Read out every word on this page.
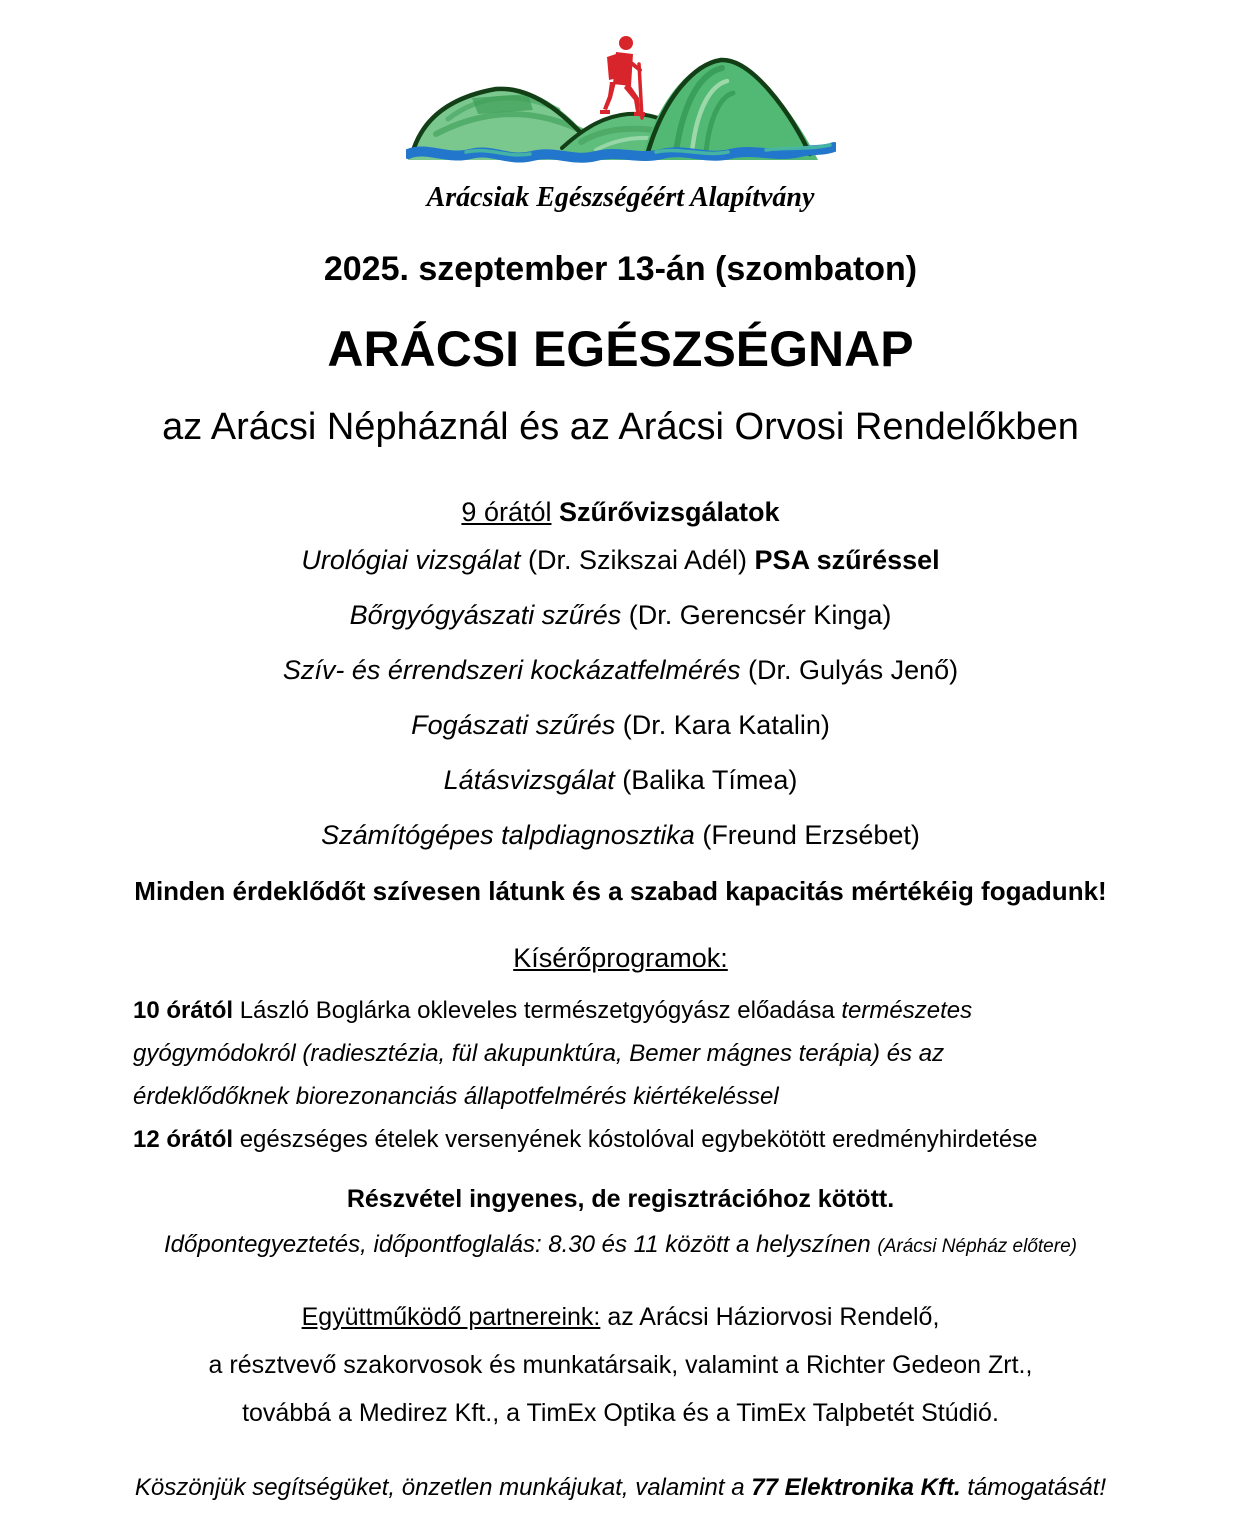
Arácsiak Egészségéért Alapítvány
2025. szeptember 13-án (szombaton)
ARÁCSI EGÉSZSÉGNAP
az Arácsi Népháznál és az Arácsi Orvosi Rendelőkben
9 órától Szűrővizsgálatok
Urológiai vizsgálat (Dr. Szikszai Adél) PSA szűréssel
Bőrgyógyászati szűrés (Dr. Gerencsér Kinga)
Szív- és érrendszeri kockázatfelmérés (Dr. Gulyás Jenő)
Fogászati szűrés (Dr. Kara Katalin)
Látásvizsgálat (Balika Tímea)
Számítógépes talpdiagnosztika (Freund Erzsébet)
Minden érdeklődőt szívesen látunk és a szabad kapacitás mértékéig fogadunk!
Kísérőprogramok:
10 órától László Boglárka okleveles természetgyógyász előadása természetes
gyógymódokról (radiesztézia, fül akupunktúra, Bemer mágnes terápia) és az
érdeklődőknek biorezonanciás állapotfelmérés kiértékeléssel
12 órától egészséges ételek versenyének kóstolóval egybekötött eredményhirdetése
Részvétel ingyenes, de regisztrációhoz kötött.
Időpontegyeztetés, időpontfoglalás: 8.30 és 11 között a helyszínen (Arácsi Népház előtere)
Együttműködő partnereink: az Arácsi Háziorvosi Rendelő,
a résztvevő szakorvosok és munkatársaik, valamint a Richter Gedeon Zrt.,
továbbá a Medirez Kft., a TimEx Optika és a TimEx Talpbetét Stúdió.
Köszönjük segítségüket, önzetlen munkájukat, valamint a 77 Elektronika Kft. támogatását!
